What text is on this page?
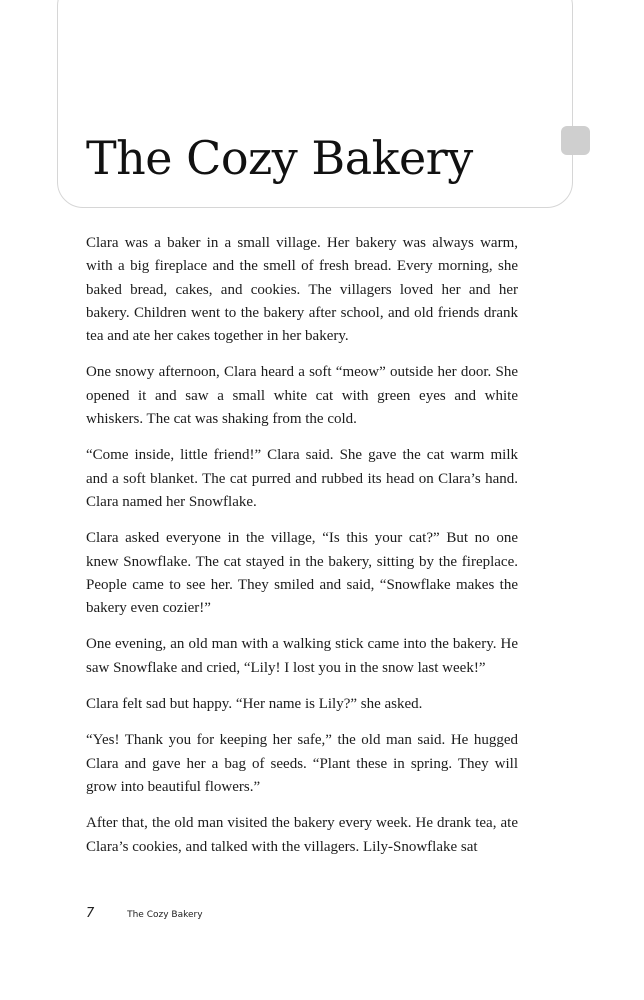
The Cozy Bakery

Clara was a baker in a small village. Her bakery was always warm, with a big fireplace and the smell of fresh bread. Every morning, she baked bread, cakes, and cookies. The villagers loved her and her bakery. Children went to the bakery after school, and old friends drank tea and ate her cakes together in her bakery.

One snowy afternoon, Clara heard a soft “meow” outside her door. She opened it and saw a small white cat with green eyes and white whiskers. The cat was shaking from the cold.

“Come inside, little friend!” Clara said. She gave the cat warm milk and a soft blanket. The cat purred and rubbed its head on Clara’s hand. Clara named her Snowflake.

Clara asked everyone in the village, “Is this your cat?” But no one knew Snowflake. The cat stayed in the bakery, sitting by the fireplace. People came to see her. They smiled and said, “Snowflake makes the bakery even cozier!”

One evening, an old man with a walking stick came into the bakery. He saw Snowflake and cried, “Lily! I lost you in the snow last week!”

Clara felt sad but happy. “Her name is Lily?” she asked.

“Yes! Thank you for keeping her safe,” the old man said. He hugged Clara and gave her a bag of seeds. “Plant these in spring. They will grow into beautiful flowers.”

After that, the old man visited the bakery every week. He drank tea, ate Clara’s cookies, and talked with the villagers. Lily-Snowflake sat

7	The Cozy Bakery
